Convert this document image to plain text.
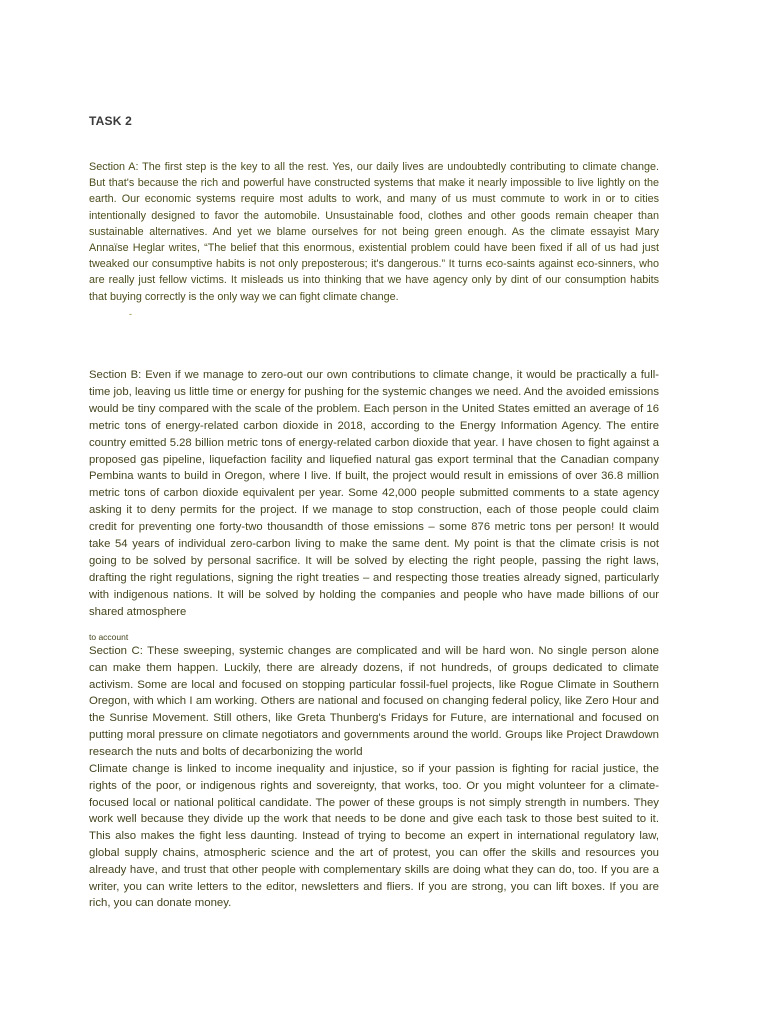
TASK 2

Section A: The first step is the key to all the rest. Yes, our daily lives are undoubtedly contributing to climate change. But that's because the rich and powerful have constructed systems that make it nearly impossible to live lightly on the earth. Our economic systems require most adults to work, and many of us must commute to work in or to cities intentionally designed to favor the automobile. Unsustainable food, clothes and other goods remain cheaper than sustainable alternatives. And yet we blame ourselves for not being green enough. As the climate essayist Mary Annaïse Heglar writes, “The belief that this enormous, existential problem could have been fixed if all of us had just tweaked our consumptive habits is not only preposterous; it's dangerous.” It turns eco-saints against eco-sinners, who are really just fellow victims. It misleads us into thinking that we have agency only by dint of our consumption habits that buying correctly is the only way we can fight climate change.

-
Section B: Even if we manage to zero-out our own contributions to climate change, it would be practically a full-time job, leaving us little time or energy for pushing for the systemic changes we need. And the avoided emissions would be tiny compared with the scale of the problem. Each person in the United States emitted an average of 16 metric tons of energy-related carbon dioxide in 2018, according to the Energy Information Agency. The entire country emitted 5.28 billion metric tons of energy-related carbon dioxide that year. I have chosen to fight against a proposed gas pipeline, liquefaction facility and liquefied natural gas export terminal that the Canadian company Pembina wants to build in Oregon, where I live. If built, the project would result in emissions of over 36.8 million metric tons of carbon dioxide equivalent per year. Some 42,000 people submitted comments to a state agency asking it to deny permits for the project. If we manage to stop construction, each of those people could claim credit for preventing one forty-two thousandth of those emissions – some 876 metric tons per person! It would take 54 years of individual zero-carbon living to make the same dent. My point is that the climate crisis is not going to be solved by personal sacrifice. It will be solved by electing the right people, passing the right laws, drafting the right regulations, signing the right treaties – and respecting those treaties already signed, particularly with indigenous nations. It will be solved by holding the companies and people who have made billions of our shared atmosphere
to account

Section C: These sweeping, systemic changes are complicated and will be hard won. No single person alone can make them happen. Luckily, there are already dozens, if not hundreds, of groups dedicated to climate activism. Some are local and focused on stopping particular fossil-fuel projects, like Rogue Climate in Southern Oregon, with which I am working. Others are national and focused on changing federal policy, like Zero Hour and the Sunrise Movement. Still others, like Greta Thunberg's Fridays for Future, are international and focused on putting moral pressure on climate negotiators and governments around the world. Groups like Project Drawdown research the nuts and bolts of decarbonizing the world

Climate change is linked to income inequality and injustice, so if your passion is fighting for racial justice, the rights of the poor, or indigenous rights and sovereignty, that works, too. Or you might volunteer for a climate-focused local or national political candidate. The power of these groups is not simply strength in numbers. They work well because they divide up the work that needs to be done and give each task to those best suited to it. This also makes the fight less daunting. Instead of trying to become an expert in international regulatory law, global supply chains, atmospheric science and the art of protest, you can offer the skills and resources you already have, and trust that other people with complementary skills are doing what they can do, too. If you are a writer, you can write letters to the editor, newsletters and fliers. If you are strong, you can lift boxes. If you are rich, you can donate money.
